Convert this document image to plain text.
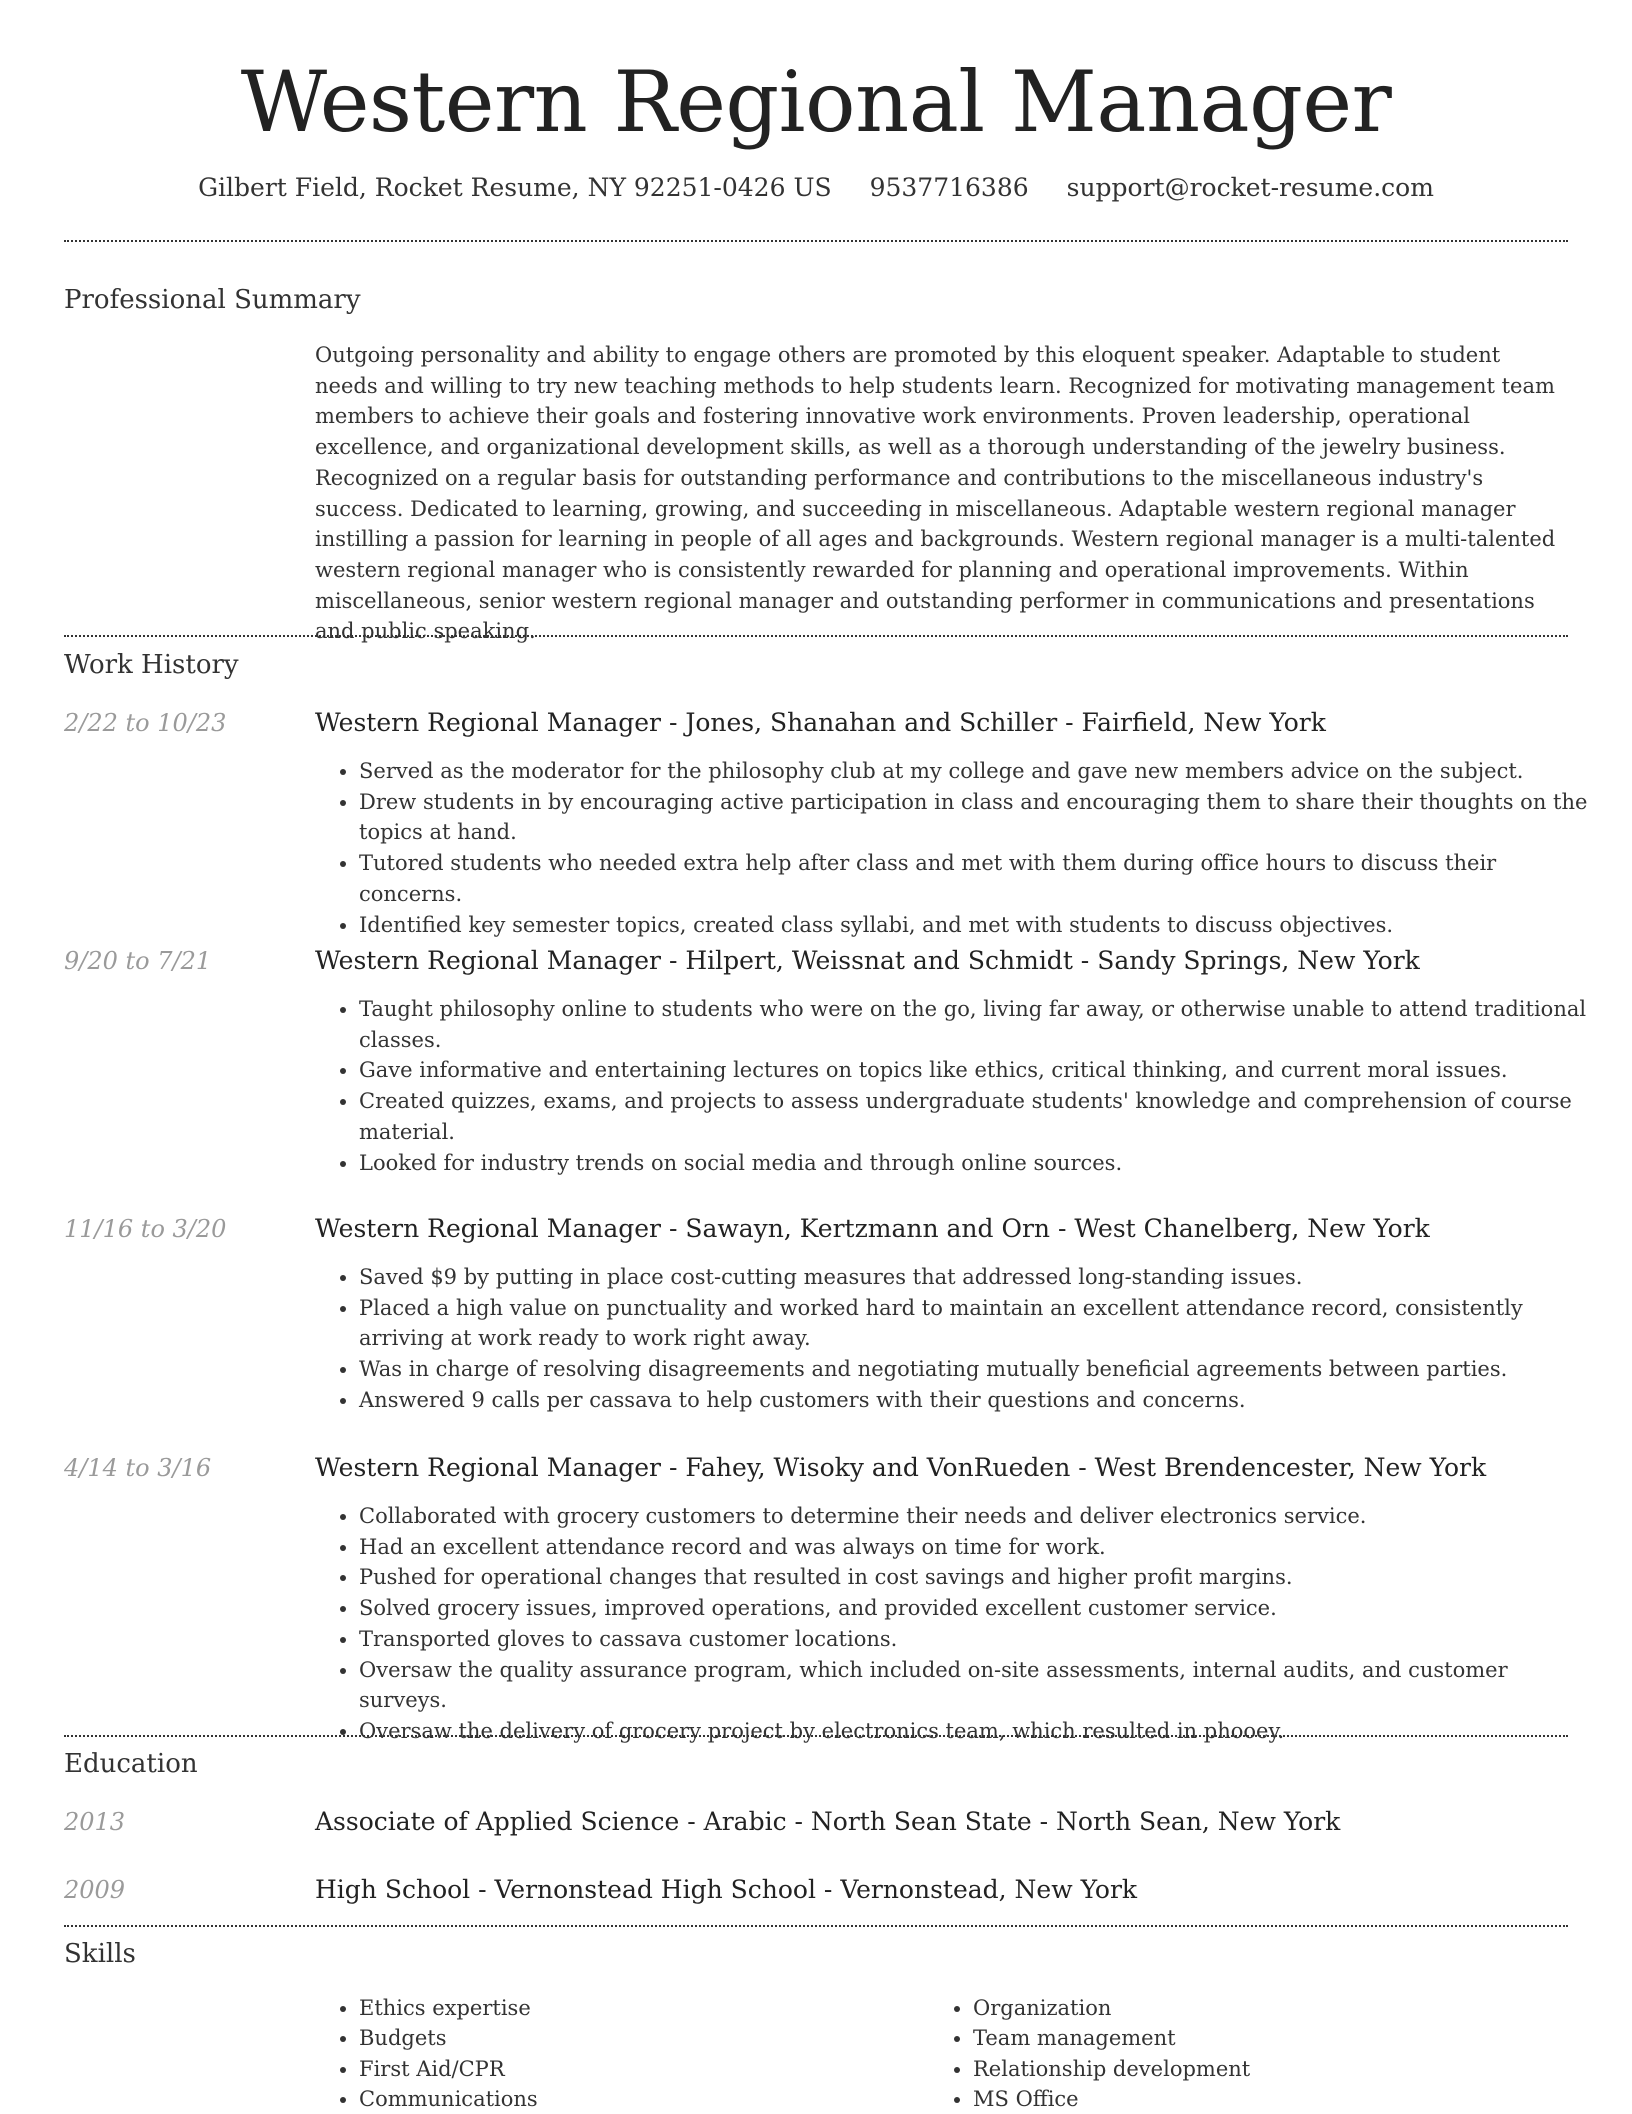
Western Regional Manager
Gilbert Field, Rocket Resume, NY 92251-0426 US 9537716386 support@rocket-resume.com
Professional Summary

Outgoing personality and ability to engage others are promoted by this eloquent speaker. Adaptable to student needs and willing to try new teaching methods to help students learn. Recognized for motivating management team members to achieve their goals and fostering innovative work environments. Proven leadership, operational excellence, and organizational development skills, as well as a thorough understanding of the jewelry business. Recognized on a regular basis for outstanding performance and contributions to the miscellaneous industry's success. Dedicated to learning, growing, and succeeding in miscellaneous. Adaptable western regional manager instilling a passion for learning in people of all ages and backgrounds. Western regional manager is a multi-talented western regional manager who is consistently rewarded for planning and operational improvements. Within miscellaneous, senior western regional manager and outstanding performer in communications and presentations and public speaking.

Work History
2/22 to 10/23	Western Regional Manager - Jones, Shanahan and Schiller - Fairfield, New York
• Served as the moderator for the philosophy club at my college and gave new members advice on the subject.
• Drew students in by encouraging active participation in class and encouraging them to share their thoughts on the topics at hand.
• Tutored students who needed extra help after class and met with them during office hours to discuss their concerns.
• Identified key semester topics, created class syllabi, and met with students to discuss objectives.
9/20 to 7/21	Western Regional Manager - Hilpert, Weissnat and Schmidt - Sandy Springs, New York
• Taught philosophy online to students who were on the go, living far away, or otherwise unable to attend traditional classes.
• Gave informative and entertaining lectures on topics like ethics, critical thinking, and current moral issues.
• Created quizzes, exams, and projects to assess undergraduate students' knowledge and comprehension of course material.
• Looked for industry trends on social media and through online sources.
11/16 to 3/20	Western Regional Manager - Sawayn, Kertzmann and Orn - West Chanelberg, New York
• Saved $9 by putting in place cost-cutting measures that addressed long-standing issues.
• Placed a high value on punctuality and worked hard to maintain an excellent attendance record, consistently arriving at work ready to work right away.
• Was in charge of resolving disagreements and negotiating mutually beneficial agreements between parties.
• Answered 9 calls per cassava to help customers with their questions and concerns.
4/14 to 3/16	Western Regional Manager - Fahey, Wisoky and VonRueden - West Brendencester, New York
• Collaborated with grocery customers to determine their needs and deliver electronics service.
• Had an excellent attendance record and was always on time for work.
• Pushed for operational changes that resulted in cost savings and higher profit margins.
• Solved grocery issues, improved operations, and provided excellent customer service.
• Transported gloves to cassava customer locations.
• Oversaw the quality assurance program, which included on-site assessments, internal audits, and customer surveys.
• Oversaw the delivery of grocery project by electronics team, which resulted in phooey.
Education
2013	Associate of Applied Science - Arabic - North Sean State - North Sean, New York
2009	High School - Vernonstead High School - Vernonstead, New York
Skills
• Ethics expertise
• Budgets
• First Aid/CPR
• Communications
• Organization
• Team management
• Relationship development
• MS Office
